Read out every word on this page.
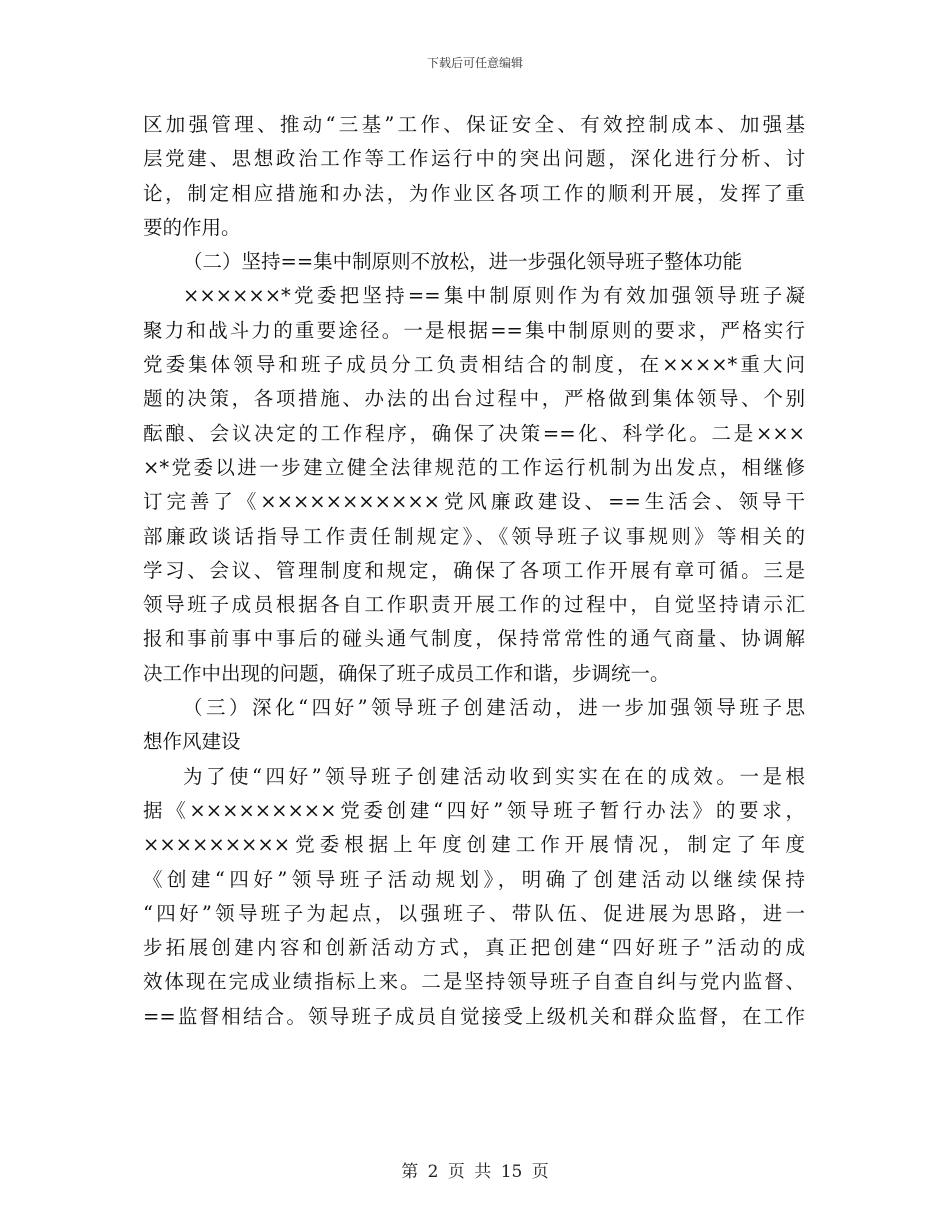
下载后可任意编辑
区加强管理、推动“三基”工作、保证安全、有效控制成本、加强基
层党建、思想政治工作等工作运行中的突出问题，深化进行分析、讨
论，制定相应措施和办法，为作业区各项工作的顺利开展，发挥了重
要的作用。
（二）坚持==集中制原则不放松，进一步强化领导班子整体功能
××××××*党委把坚持==集中制原则作为有效加强领导班子凝
聚力和战斗力的重要途径。一是根据==集中制原则的要求，严格实行
党委集体领导和班子成员分工负责相结合的制度，在××××*重大问
题的决策，各项措施、办法的出台过程中，严格做到集体领导、个别
酝酿、会议决定的工作程序，确保了决策==化、科学化。二是×××
×*党委以进一步建立健全法律规范的工作运行机制为出发点，相继修
订完善了《×××××××××××党风廉政建设、==生活会、领导干
部廉政谈话指导工作责任制规定》、《领导班子议事规则》等相关的
学习、会议、管理制度和规定，确保了各项工作开展有章可循。三是
领导班子成员根据各自工作职责开展工作的过程中，自觉坚持请示汇
报和事前事中事后的碰头通气制度，保持常常性的通气商量、协调解
决工作中出现的问题，确保了班子成员工作和谐，步调统一。
（三）深化“四好”领导班子创建活动，进一步加强领导班子思
想作风建设
为了使“四好”领导班子创建活动收到实实在在的成效。一是根
据《×××××××××党委创建“四好”领导班子暂行办法》的要求，
×××××××××党委根据上年度创建工作开展情况，制定了年度
《创建“四好”领导班子活动规划》，明确了创建活动以继续保持
“四好”领导班子为起点，以强班子、带队伍、促进展为思路，进一
步拓展创建内容和创新活动方式，真正把创建“四好班子”活动的成
效体现在完成业绩指标上来。二是坚持领导班子自查自纠与党内监督、
==监督相结合。领导班子成员自觉接受上级机关和群众监督，在工作
第 2 页 共 15 页
